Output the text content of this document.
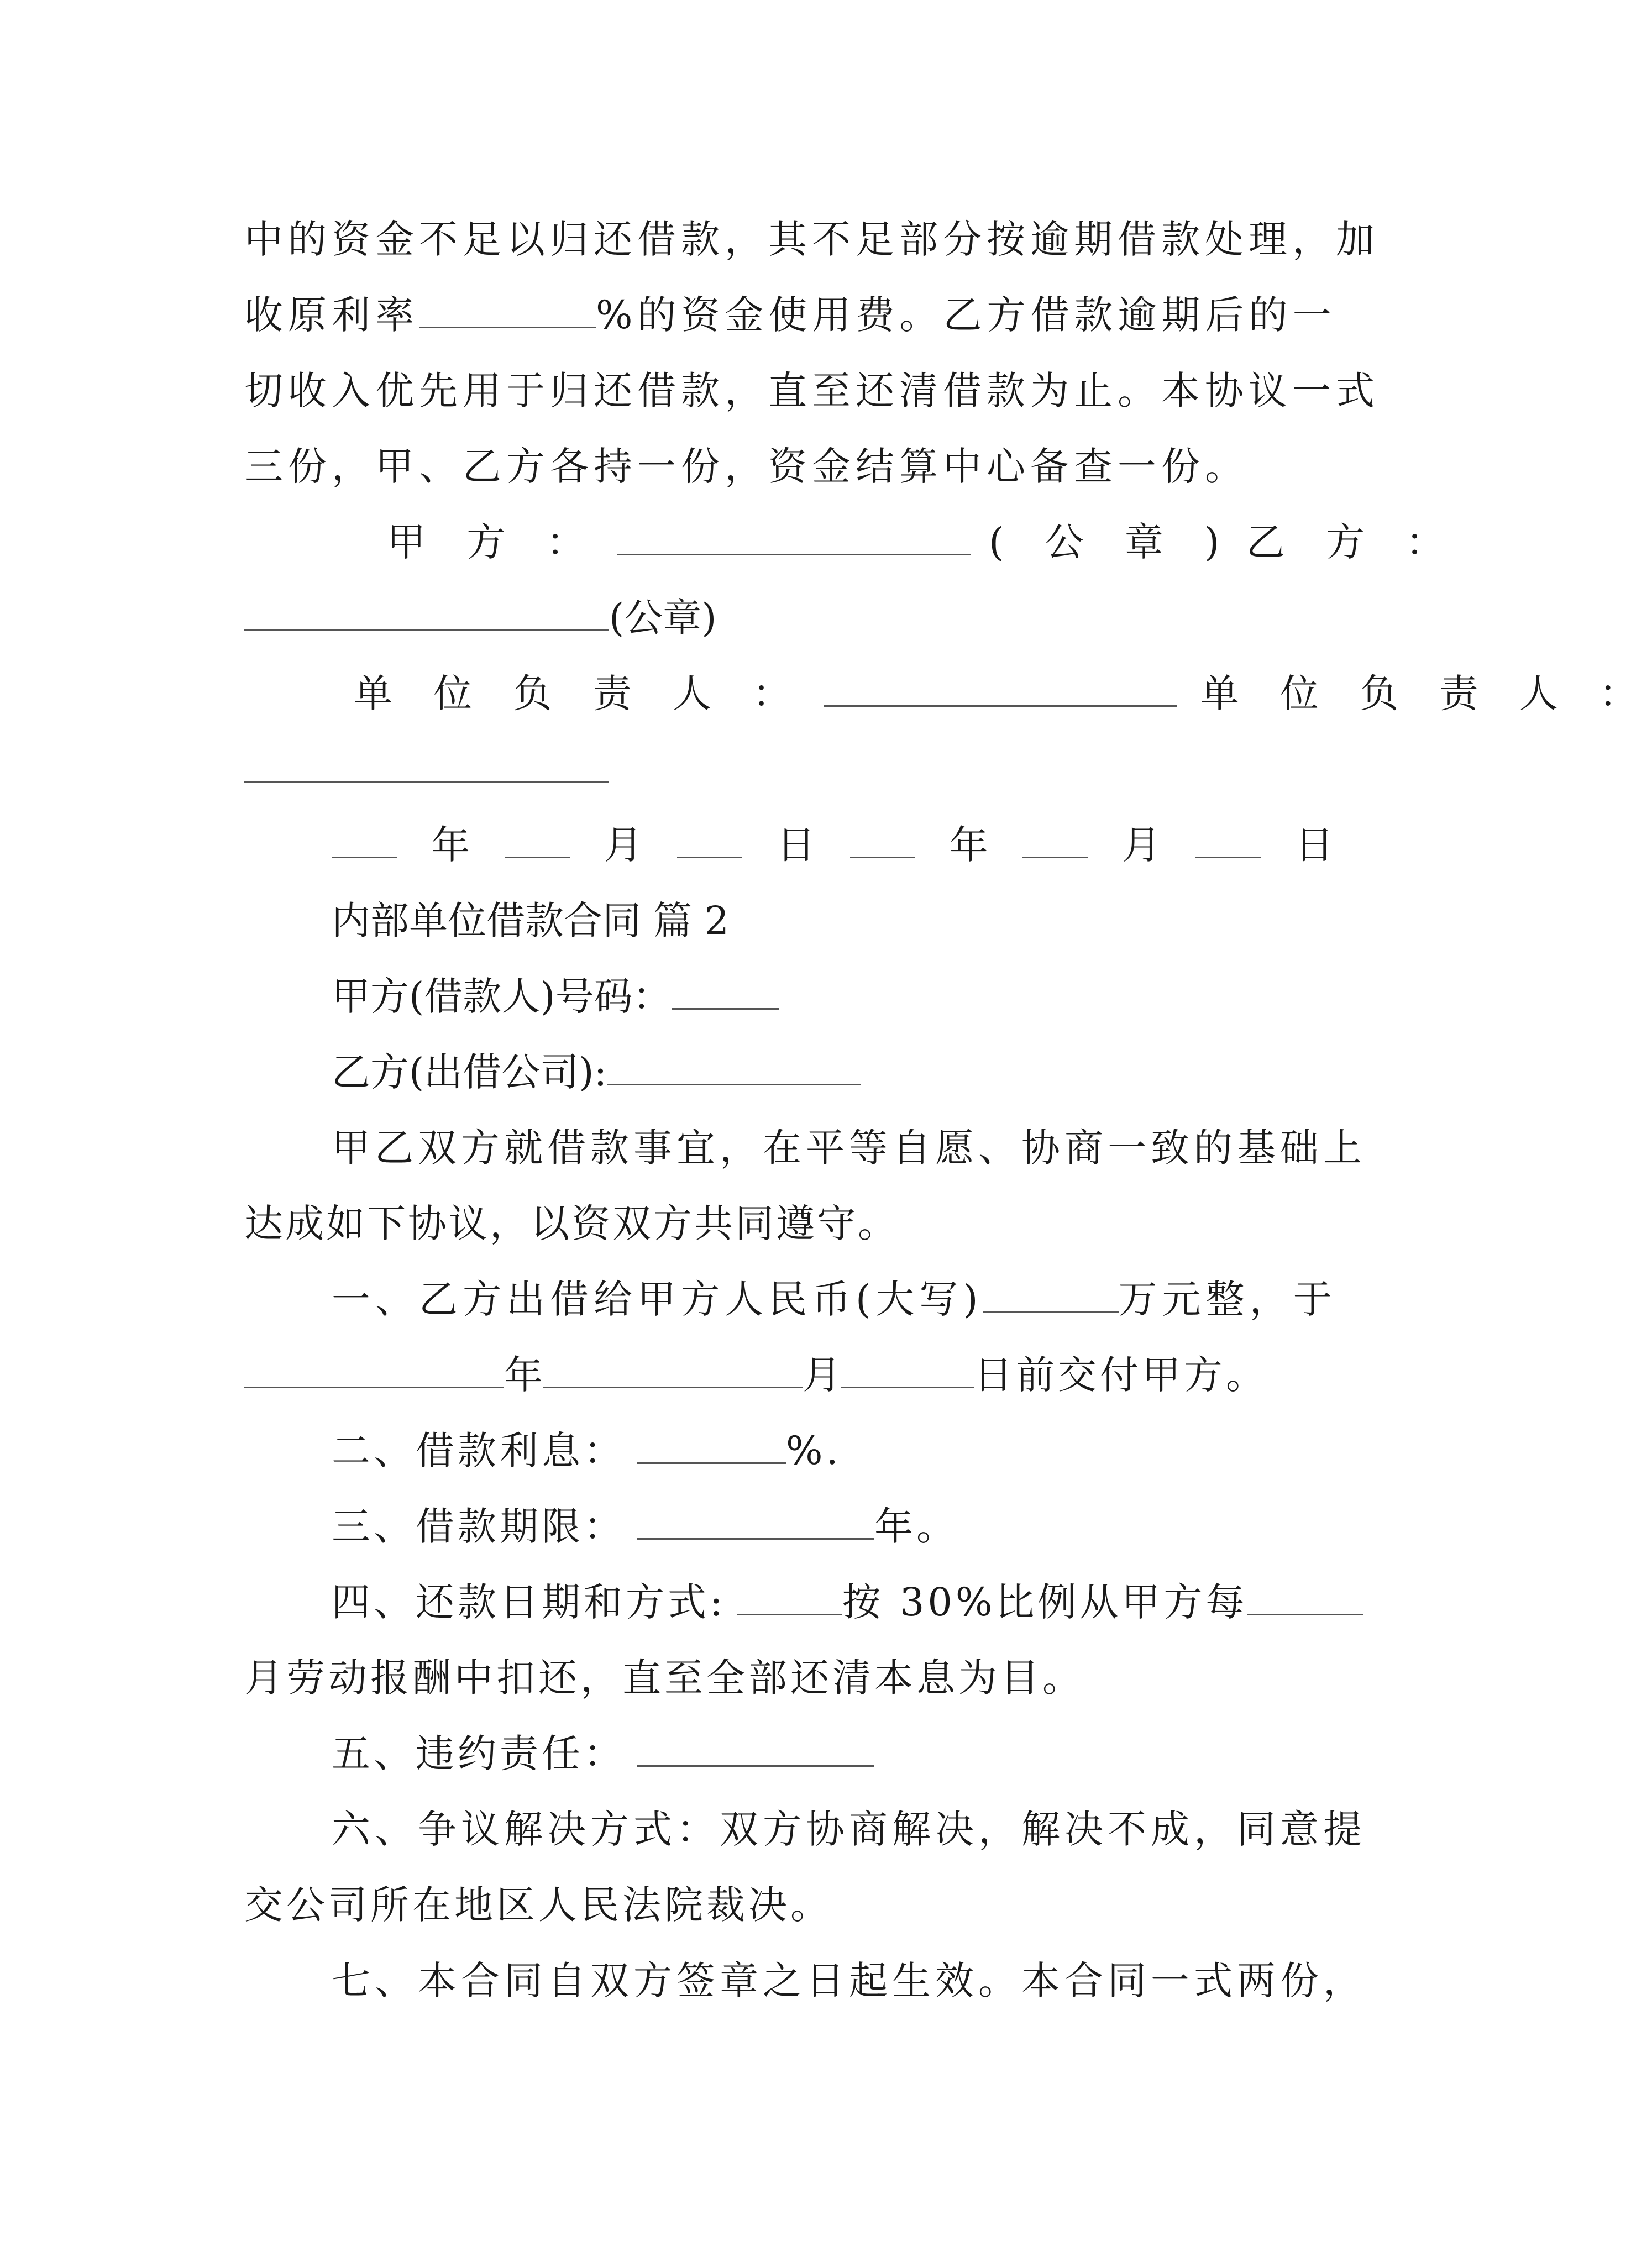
中的资金不足以归还借款，其不足部分按逾期借款处理，加
收原利率	%的资金使用费。乙方借款逾期后的一
切收入优先用于归还借款，直至还清借款为止。本协议一式
三份，甲、乙方各持一份，资金结算中心备查一份。
甲 方 ：	( 公 章 ) 乙 方 ：
(公章)
单 位 负 责 人 ：	单 位 负 责 人 ：
年	月	日	年	月	日
内部单位借款合同 篇 2
甲方(借款人)号码：
乙方(出借公司):
甲乙双方就借款事宜，在平等自愿、协商一致的基础上
达成如下协议，以资双方共同遵守。
一、乙方出借给甲方人民币(大写)	万元整，于
年	月	日前交付甲方。
二、借款利息：	%.
三、借款期限：	年。
四、还款日期和方式:	按 30%比例从甲方每
月劳动报酬中扣还，直至全部还清本息为目。
五、违约责任：
六、争议解决方式：双方协商解决，解决不成，同意提
交公司所在地区人民法院裁决。
七、本合同自双方签章之日起生效。本合同一式两份，
